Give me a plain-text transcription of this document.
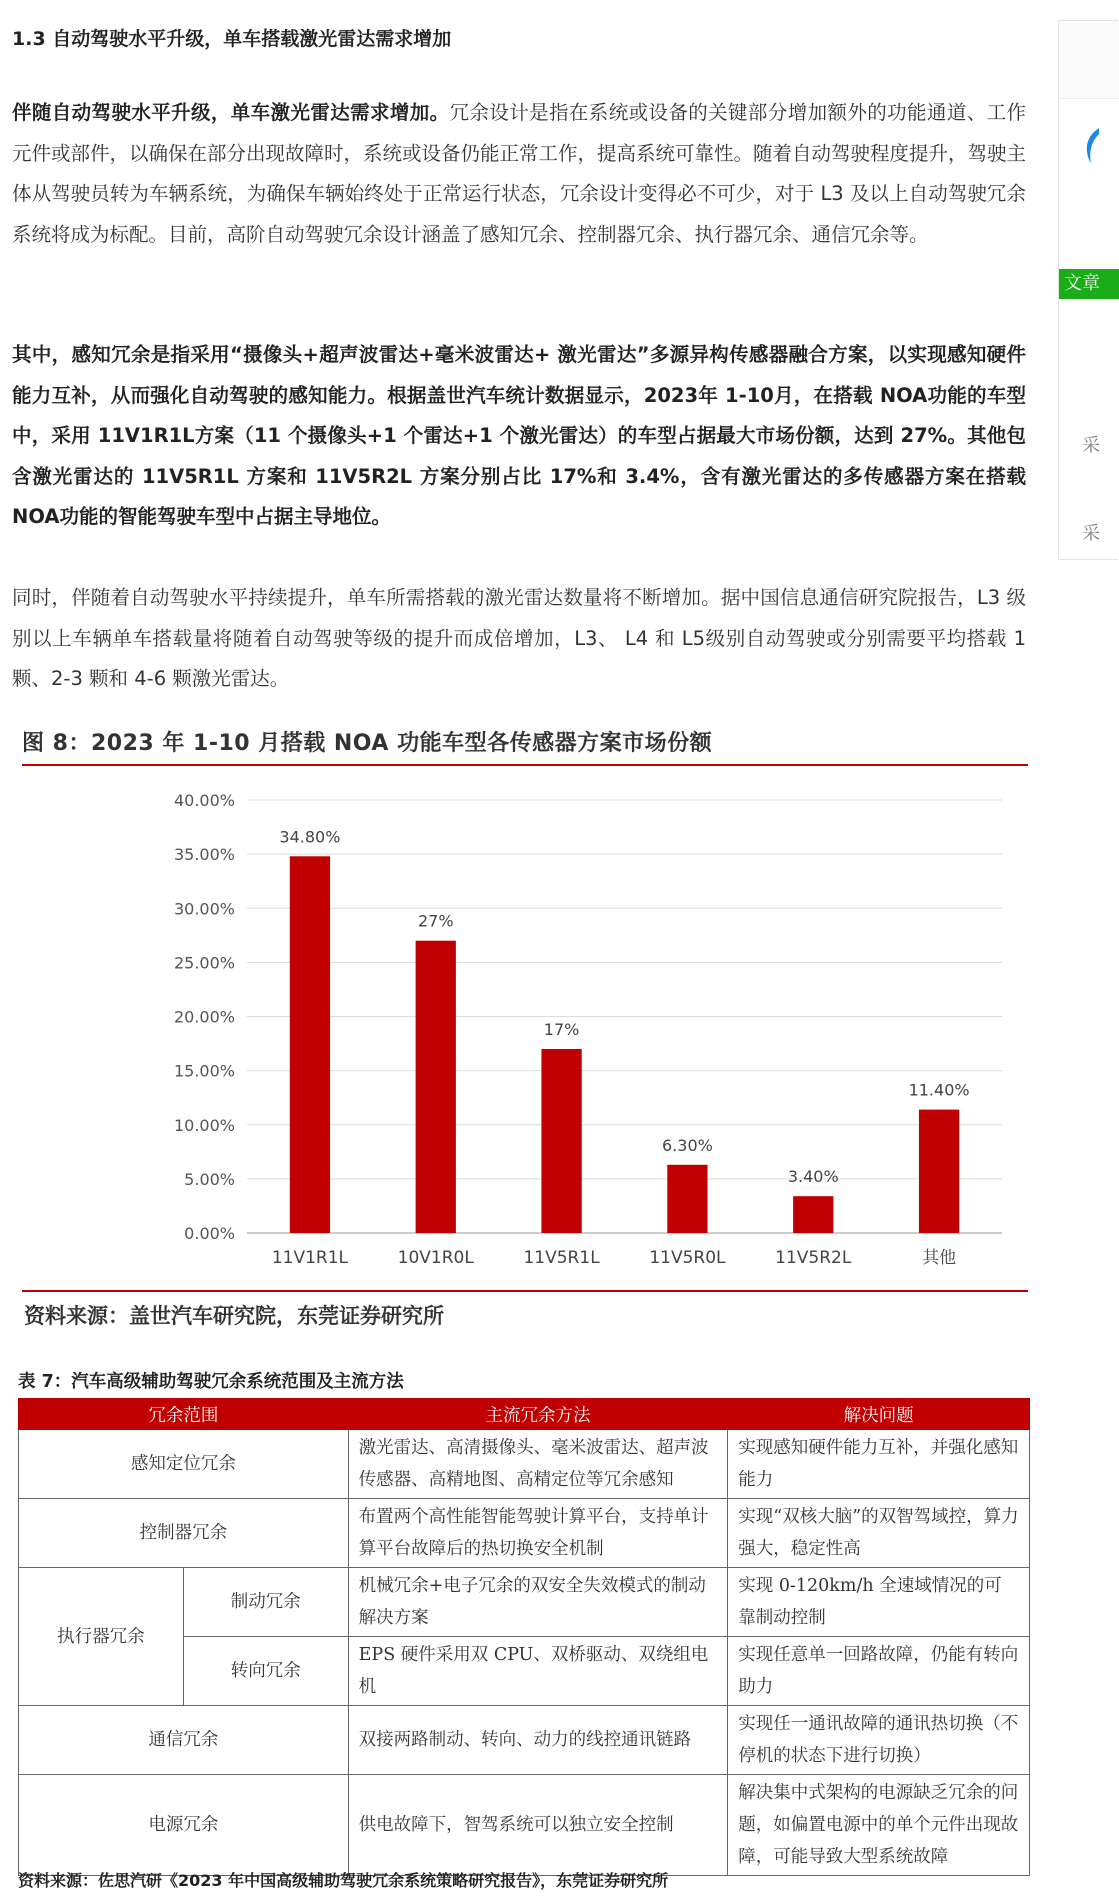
1.3 自动驾驶水平升级，单车搭载激光雷达需求增加

伴随自动驾驶水平升级，单车激光雷达需求增加。冗余设计是指在系统或设备的关键部分增加额外的功能通道、工作元件或部件，以确保在部分出现故障时，系统或设备仍能正常工作，提高系统可靠性。随着自动驾驶程度提升，驾驶主体从驾驶员转为车辆系统，为确保车辆始终处于正常运行状态，冗余设计变得必不可少，对于 L3 及以上自动驾驶冗余系统将成为标配。目前，高阶自动驾驶冗余设计涵盖了感知冗余、控制器冗余、执行器冗余、通信冗余等。

其中，感知冗余是指采用“摄像头+超声波雷达+毫米波雷达+ 激光雷达”多源异构传感器融合方案，以实现感知硬件能力互补，从而强化自动驾驶的感知能力。根据盖世汽车统计数据显示，2023年 1-10月，在搭载 NOA功能的车型中，采用 11V1R1L方案（11 个摄像头+1 个雷达+1 个激光雷达）的车型占据最大市场份额，达到 27%。其他包含激光雷达的 11V5R1L 方案和 11V5R2L 方案分别占比 17%和 3.4%，含有激光雷达的多传感器方案在搭载 NOA功能的智能驾驶车型中占据主导地位。

同时，伴随着自动驾驶水平持续提升，单车所需搭载的激光雷达数量将不断增加。据中国信息通信研究院报告，L3 级别以上车辆单车搭载量将随着自动驾驶等级的提升而成倍增加，L3、 L4 和 L5级别自动驾驶或分别需要平均搭载 1颗、2-3 颗和 4-6 颗激光雷达。

图 8：2023 年 1-10 月搭载 NOA 功能车型各传感器方案市场份额
0.00%
5.00%
10.00%
15.00%
20.00%
25.00%
30.00%
35.00%
40.00%
34.80%
27%
17%
6.30%
3.40%
11.40%
11V1R1L	10V1R0L	11V5R1L	11V5R0L	11V5R2L	其他
资料来源：盖世汽车研究院，东莞证券研究所
表 7：汽车高级辅助驾驶冗余系统范围及主流方法
冗余范围		主流冗余方法	解决问题
感知定位冗余		激光雷达、高清摄像头、毫米波雷达、超声波传感器、高精地图、高精定位等冗余感知	实现感知硬件能力互补，并强化感知能力
控制器冗余		布置两个高性能智能驾驶计算平台，支持单计算平台故障后的热切换安全机制	实现“双核大脑”的双智驾域控，算力强大，稳定性高
执行器冗余	制动冗余	机械冗余+电子冗余的双安全失效模式的制动解决方案	实现 0-120km/h 全速域情况的可靠制动控制
	转向冗余	EPS 硬件采用双 CPU、双桥驱动、双绕组电机	实现任意单一回路故障，仍能有转向助力
通信冗余		双接两路制动、转向、动力的线控通讯链路	实现任一通讯故障的通讯热切换（不停机的状态下进行切换）
电源冗余		供电故障下，智驾系统可以独立安全控制	解决集中式架构的电源缺乏冗余的问题，如偏置电源中的单个元件出现故障，可能导致大型系统故障
资料来源：佐思汽研《2023 年中国高级辅助驾驶冗余系统策略研究报告》，东莞证券研究所
文章
采
采
